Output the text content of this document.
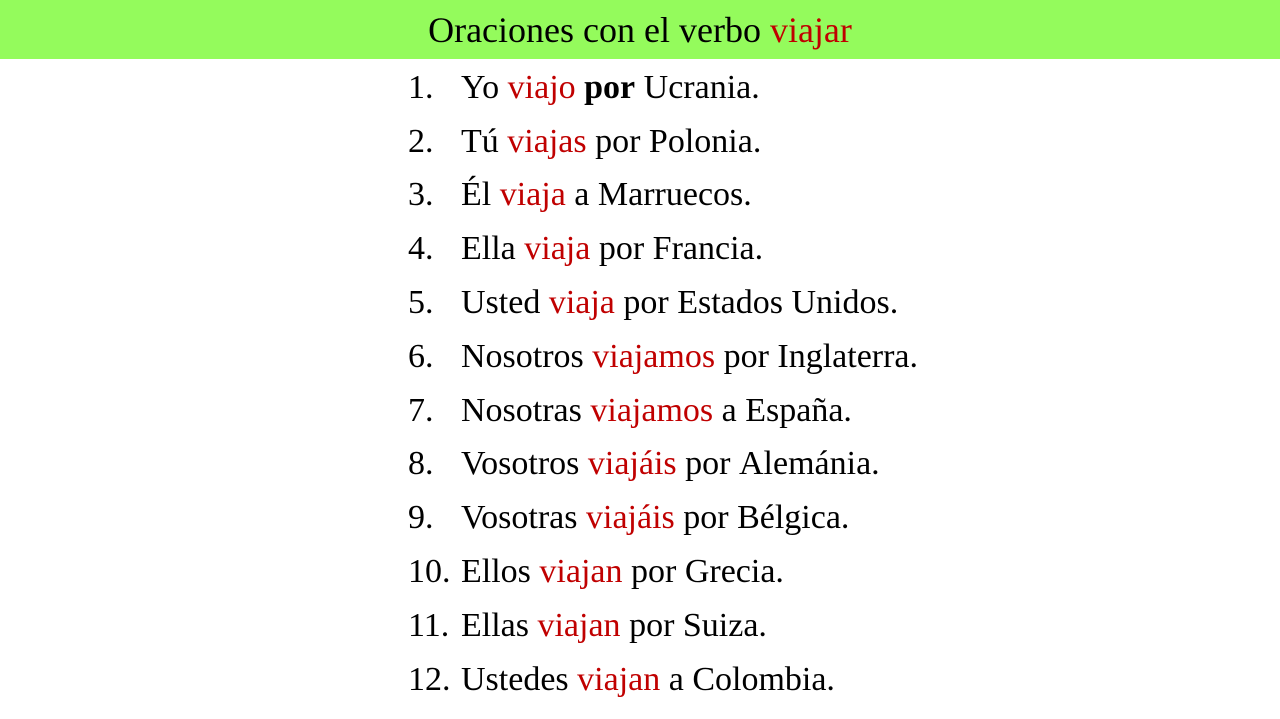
Oraciones con el verbo viajar
1. Yo
viajo
por
Ucrania.
2. Tú
viajas
por
Polonia.
3. Él
viaja
a
Marruecos.
4. Ella
viaja
por
Francia.
5. Usted
viaja
por
Estados Unidos.
6. Nosotros
viajamos
por
Inglaterra.
7. Nosotras
viajamos
a
España.
8. Vosotros
viajáis
por
Alemánia.
9. Vosotras
viajáis
por
Bélgica.
10. Ellos
viajan
por
Grecia.
11. Ellas
viajan
por
Suiza.
12. Ustedes
viajan
a
Colombia.
